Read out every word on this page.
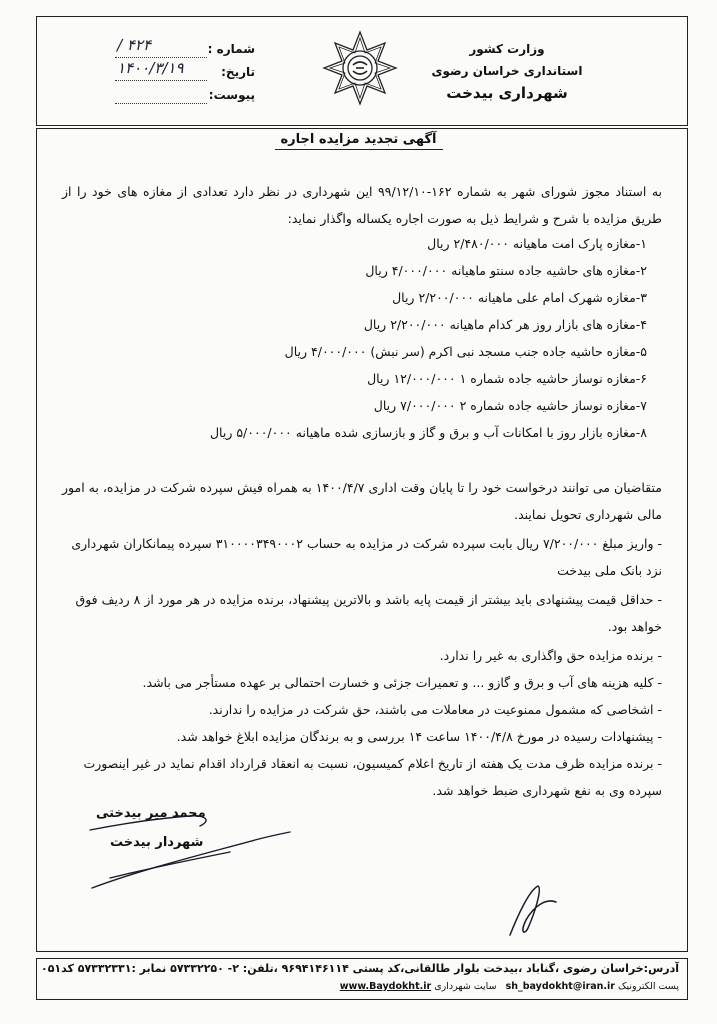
وزارت کشور
استانداری خراسان رضوی
شهرداری بیدخت
شماره :
۴۲۴ /
تاریخ:
۱۴۰۰/۳/۱۹
پیوست:
آگهی تجدید مزایده اجاره
به استناد مجوز شورای شهر به شماره ۱۶۲-۹۹/۱۲/۱۰ این شهرداری در نظر دارد تعدادی از مغازه های خود را از طریق مزایده با شرح و شرایط ذیل به صورت اجاره یکساله واگذار نماید:
۱-مغازه پارک امت ماهیانه ۲/۴۸۰/۰۰۰ ریال
۲-مغازه های حاشیه جاده سنتو ماهیانه ۴/۰۰۰/۰۰۰ ریال
۳-مغازه شهرک امام علی ماهیانه ۲/۲۰۰/۰۰۰ ریال
۴-مغازه های بازار روز هر کدام ماهیانه ۲/۲۰۰/۰۰۰ ریال
۵-مغازه حاشیه جاده جنب مسجد نبی اکرم (سر نبش) ۴/۰۰۰/۰۰۰ ریال
۶-مغازه نوساز حاشیه جاده شماره ۱ ۱۲/۰۰۰/۰۰۰ ریال
۷-مغازه نوساز حاشیه جاده شماره ۲ ۷/۰۰۰/۰۰۰ ریال
۸-مغازه بازار روز با امکانات آب و برق و گاز و بازسازی شده ماهیانه ۵/۰۰۰/۰۰۰ ریال
متقاضیان می توانند درخواست خود را تا پایان وقت اداری ۱۴۰۰/۴/۷ به همراه فیش سپرده شرکت در مزایده، به امور مالی شهرداری تحویل نمایند.
- واریز مبلغ ۷/۲۰۰/۰۰۰ ریال بابت سپرده شرکت در مزایده به حساب ۳۱۰۰۰۰۳۴۹۰۰۰۲ سپرده پیمانکاران شهرداری نزد بانک ملی بیدخت
- حداقل قیمت پیشنهادی باید بیشتر از قیمت پایه باشد و بالاترین پیشنهاد، برنده مزایده در هر مورد از ۸ ردیف فوق خواهد بود.
- برنده مزایده حق واگذاری به غیر را ندارد.
- کلیه هزینه های آب و برق و گازو ... و تعمیرات جزئی و خسارت احتمالی بر عهده مستأجر می باشد.
- اشخاصی که مشمول ممنوعیت در معاملات می باشند، حق شرکت در مزایده را ندارند.
- پیشنهادات رسیده در مورخ ۱۴۰۰/۴/۸ ساعت ۱۴ بررسی و به برندگان مزایده ابلاغ خواهد شد.
- برنده مزایده ظرف مدت یک هفته از تاریخ اعلام کمیسیون، نسبت به انعقاد قرارداد اقدام نماید در غیر اینصورت سپرده وی به نفع شهرداری ضبط خواهد شد.
محمد میر بیدختی
شهردار بیدخت
آدرس:خراسان رضوی ،گناباد ،بیدخت بلوار طالقانی،کد پستی ۹۶۹۴۱۴۶۱۱۴ ،تلفن: ۲- ۵۷۳۳۲۲۵۰ نمابر :۵۷۳۳۲۳۳۱ کد۰۵۱
پست الکترونیک sh_baydokht@iran.ir   سایت شهرداری www.Baydokht.ir
